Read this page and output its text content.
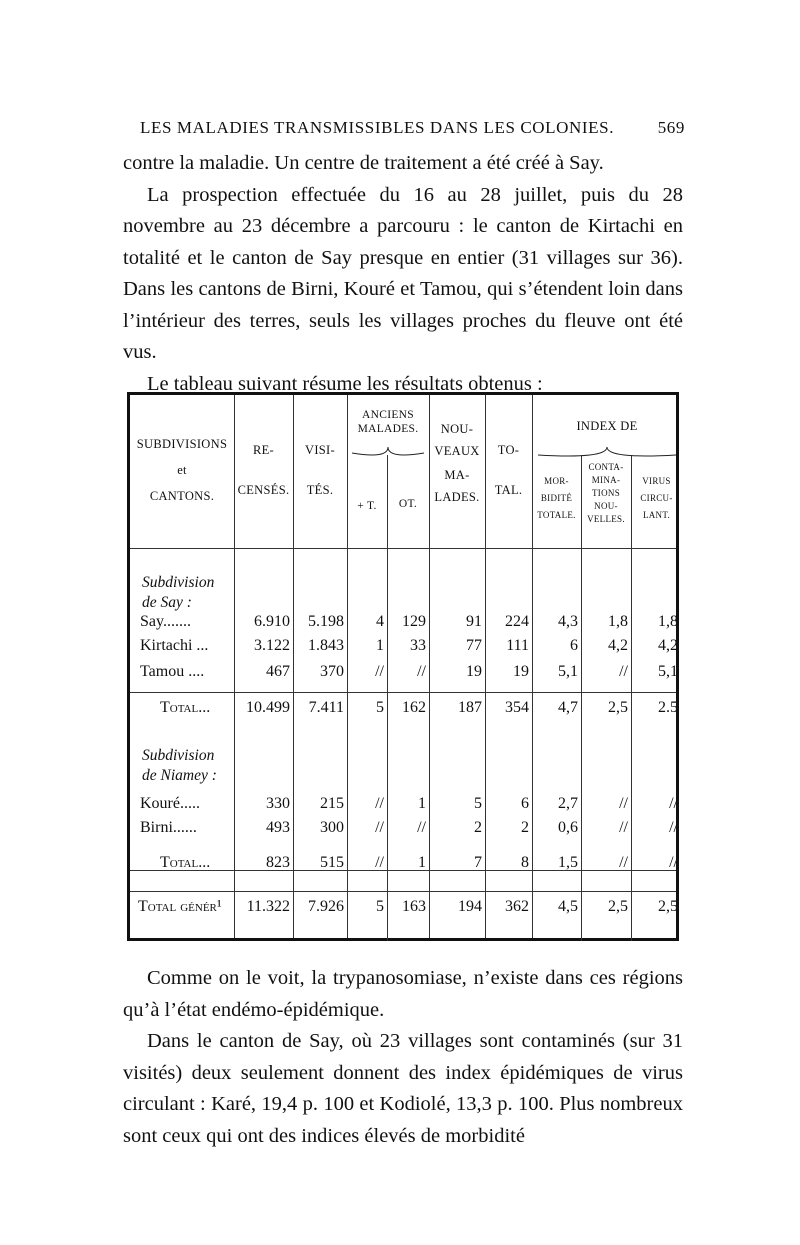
LES MALADIES TRANSMISSIBLES DANS LES COLONIES.	569

contre la maladie. Un centre de traitement a été créé à Say.

La prospection effectuée du 16 au 28 juillet, puis du 28 novembre au 23 décembre a parcouru : le canton de Kirtachi en totalité et le canton de Say presque en entier (31 villages sur 36). Dans les cantons de Birni, Kouré et Tamou, qui s’étendent loin dans l’intérieur des terres, seuls les villages proches du fleuve ont été vus.

Le tableau suivant résume les résultats obtenus :

SUBDIVISIONS
et
CANTONS.
RE-
CENSÉS.
VISI-
TÉS.
ANCIENS
MALADES.
+ T.	OT.
NOU-
VEAUX
MA-
LADES.
TO-
TAL.
INDEX DE
MOR-
BIDITÉ
TOTALE.
CONTA-
MINA-
TIONS
NOU-
VELLES.
VIRUS
CIRCU-
LANT.
Subdivision
de Say :
Subdivision
de Niamey :
Say.......	6.910 5.198 4 129	91 224 4,3 1,8 1,8
Kirtachi ...	3.122 1.843 1 33	77 111	6 4,2 4,2
Tamou ....	467 370 // //	19 19 5,1	// 5,1
Total... 10.499 7.411 5 162 187 354 4,7 2,5 2.5
Kouré.....	330 215 // 1	5 6 2,7	//	//
Birni......	493 300 // //	2 2 0,6	//	//
Total...	823 515 // 1	7 8 1,5	//	//
Total génér¹ 11.322 7.926 5 163 194 362 4,5 2,5 2,5

Comme on le voit, la trypanosomiase, n’existe dans ces régions qu’à l’état endémo-épidémique.

Dans le canton de Say, où 23 villages sont contaminés (sur 31 visités) deux seulement donnent des index épidémiques de virus circulant : Karé, 19,4 p. 100 et Kodiolé, 13,3 p. 100. Plus nombreux sont ceux qui ont des indices élevés de morbidité
